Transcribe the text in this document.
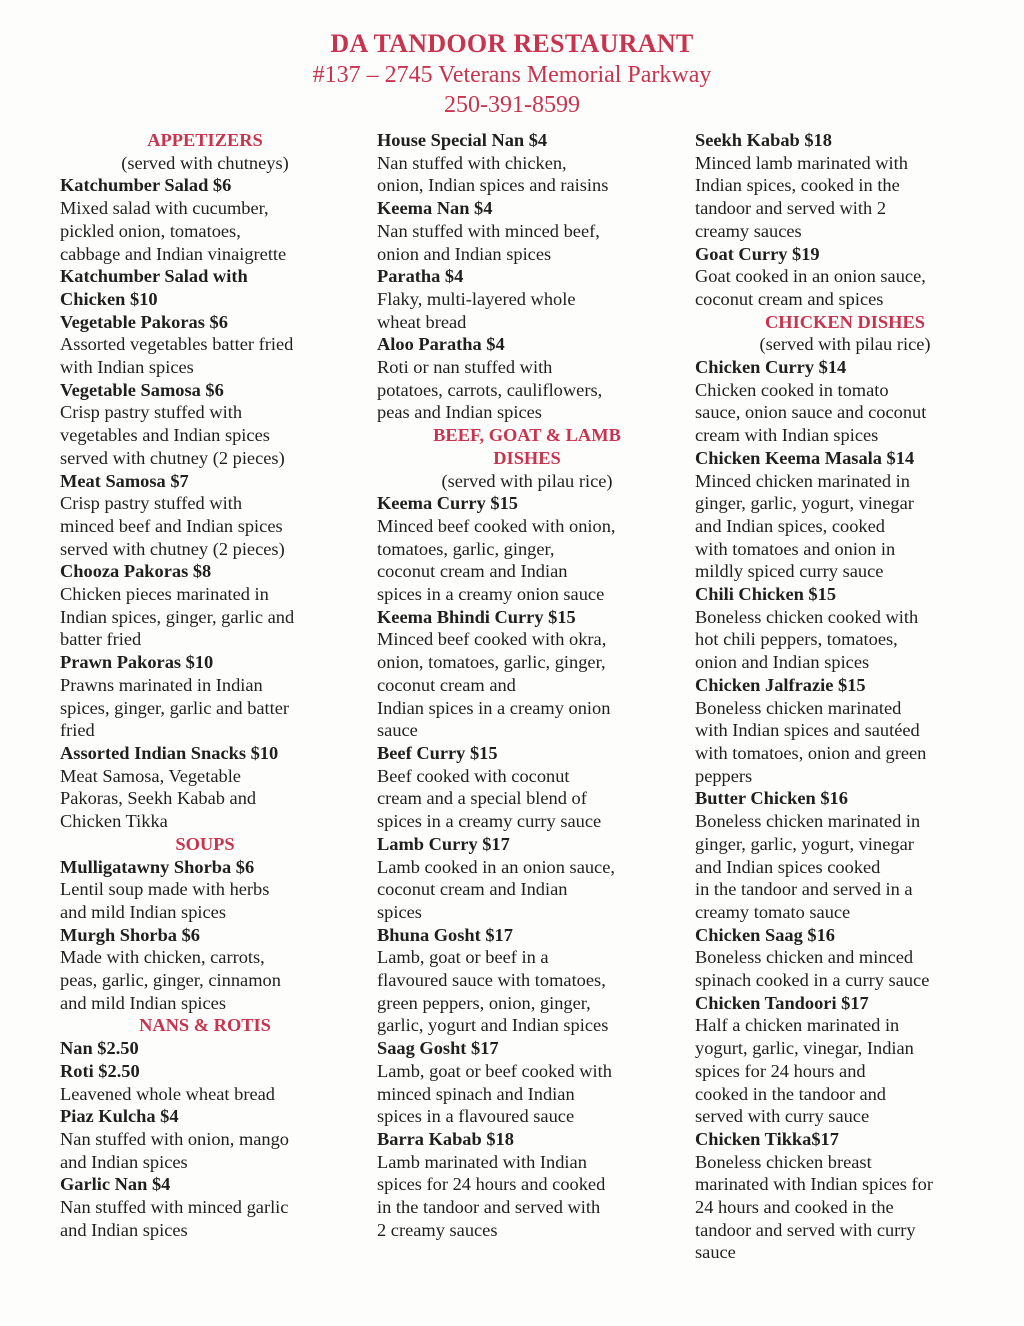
DA TANDOOR RESTAURANT
#137 – 2745 Veterans Memorial Parkway
250-391-8599
APPETIZERS
(served with chutneys)
Katchumber Salad $6
Mixed salad with cucumber,
pickled onion, tomatoes,
cabbage and Indian vinaigrette
Katchumber Salad with
Chicken $10
Vegetable Pakoras $6
Assorted vegetables batter fried
with Indian spices
Vegetable Samosa $6
Crisp pastry stuffed with
vegetables and Indian spices
served with chutney (2 pieces)
Meat Samosa $7
Crisp pastry stuffed with
minced beef and Indian spices
served with chutney (2 pieces)
Chooza Pakoras $8
Chicken pieces marinated in
Indian spices, ginger, garlic and
batter fried
Prawn Pakoras $10
Prawns marinated in Indian
spices, ginger, garlic and batter
fried
Assorted Indian Snacks $10
Meat Samosa, Vegetable
Pakoras, Seekh Kabab and
Chicken Tikka
SOUPS
Mulligatawny Shorba $6
Lentil soup made with herbs
and mild Indian spices
Murgh Shorba $6
Made with chicken, carrots,
peas, garlic, ginger, cinnamon
and mild Indian spices
NANS & ROTIS
Nan $2.50
Roti $2.50
Leavened whole wheat bread
Piaz Kulcha $4
Nan stuffed with onion, mango
and Indian spices
Garlic Nan $4
Nan stuffed with minced garlic
and Indian spices
House Special Nan $4
Nan stuffed with chicken,
onion, Indian spices and raisins
Keema Nan $4
Nan stuffed with minced beef,
onion and Indian spices
Paratha $4
Flaky, multi-layered whole
wheat bread
Aloo Paratha $4
Roti or nan stuffed with
potatoes, carrots, cauliflowers,
peas and Indian spices
BEEF, GOAT & LAMB
DISHES
(served with pilau rice)
Keema Curry $15
Minced beef cooked with onion,
tomatoes, garlic, ginger,
coconut cream and Indian
spices in a creamy onion sauce
Keema Bhindi Curry $15
Minced beef cooked with okra,
onion, tomatoes, garlic, ginger,
coconut cream and
Indian spices in a creamy onion
sauce
Beef Curry $15
Beef cooked with coconut
cream and a special blend of
spices in a creamy curry sauce
Lamb Curry $17
Lamb cooked in an onion sauce,
coconut cream and Indian
spices
Bhuna Gosht $17
Lamb, goat or beef in a
flavoured sauce with tomatoes,
green peppers, onion, ginger,
garlic, yogurt and Indian spices
Saag Gosht $17
Lamb, goat or beef cooked with
minced spinach and Indian
spices in a flavoured sauce
Barra Kabab $18
Lamb marinated with Indian
spices for 24 hours and cooked
in the tandoor and served with
2 creamy sauces
Seekh Kabab $18
Minced lamb marinated with
Indian spices, cooked in the
tandoor and served with 2
creamy sauces
Goat Curry $19
Goat cooked in an onion sauce,
coconut cream and spices
CHICKEN DISHES
(served with pilau rice)
Chicken Curry $14
Chicken cooked in tomato
sauce, onion sauce and coconut
cream with Indian spices
Chicken Keema Masala $14
Minced chicken marinated in
ginger, garlic, yogurt, vinegar
and Indian spices, cooked
with tomatoes and onion in
mildly spiced curry sauce
Chili Chicken $15
Boneless chicken cooked with
hot chili peppers, tomatoes,
onion and Indian spices
Chicken Jalfrazie $15
Boneless chicken marinated
with Indian spices and sautéed
with tomatoes, onion and green
peppers
Butter Chicken $16
Boneless chicken marinated in
ginger, garlic, yogurt, vinegar
and Indian spices cooked
in the tandoor and served in a
creamy tomato sauce
Chicken Saag $16
Boneless chicken and minced
spinach cooked in a curry sauce
Chicken Tandoori $17
Half a chicken marinated in
yogurt, garlic, vinegar, Indian
spices for 24 hours and
cooked in the tandoor and
served with curry sauce
Chicken Tikka$17
Boneless chicken breast
marinated with Indian spices for
24 hours and cooked in the
tandoor and served with curry
sauce
